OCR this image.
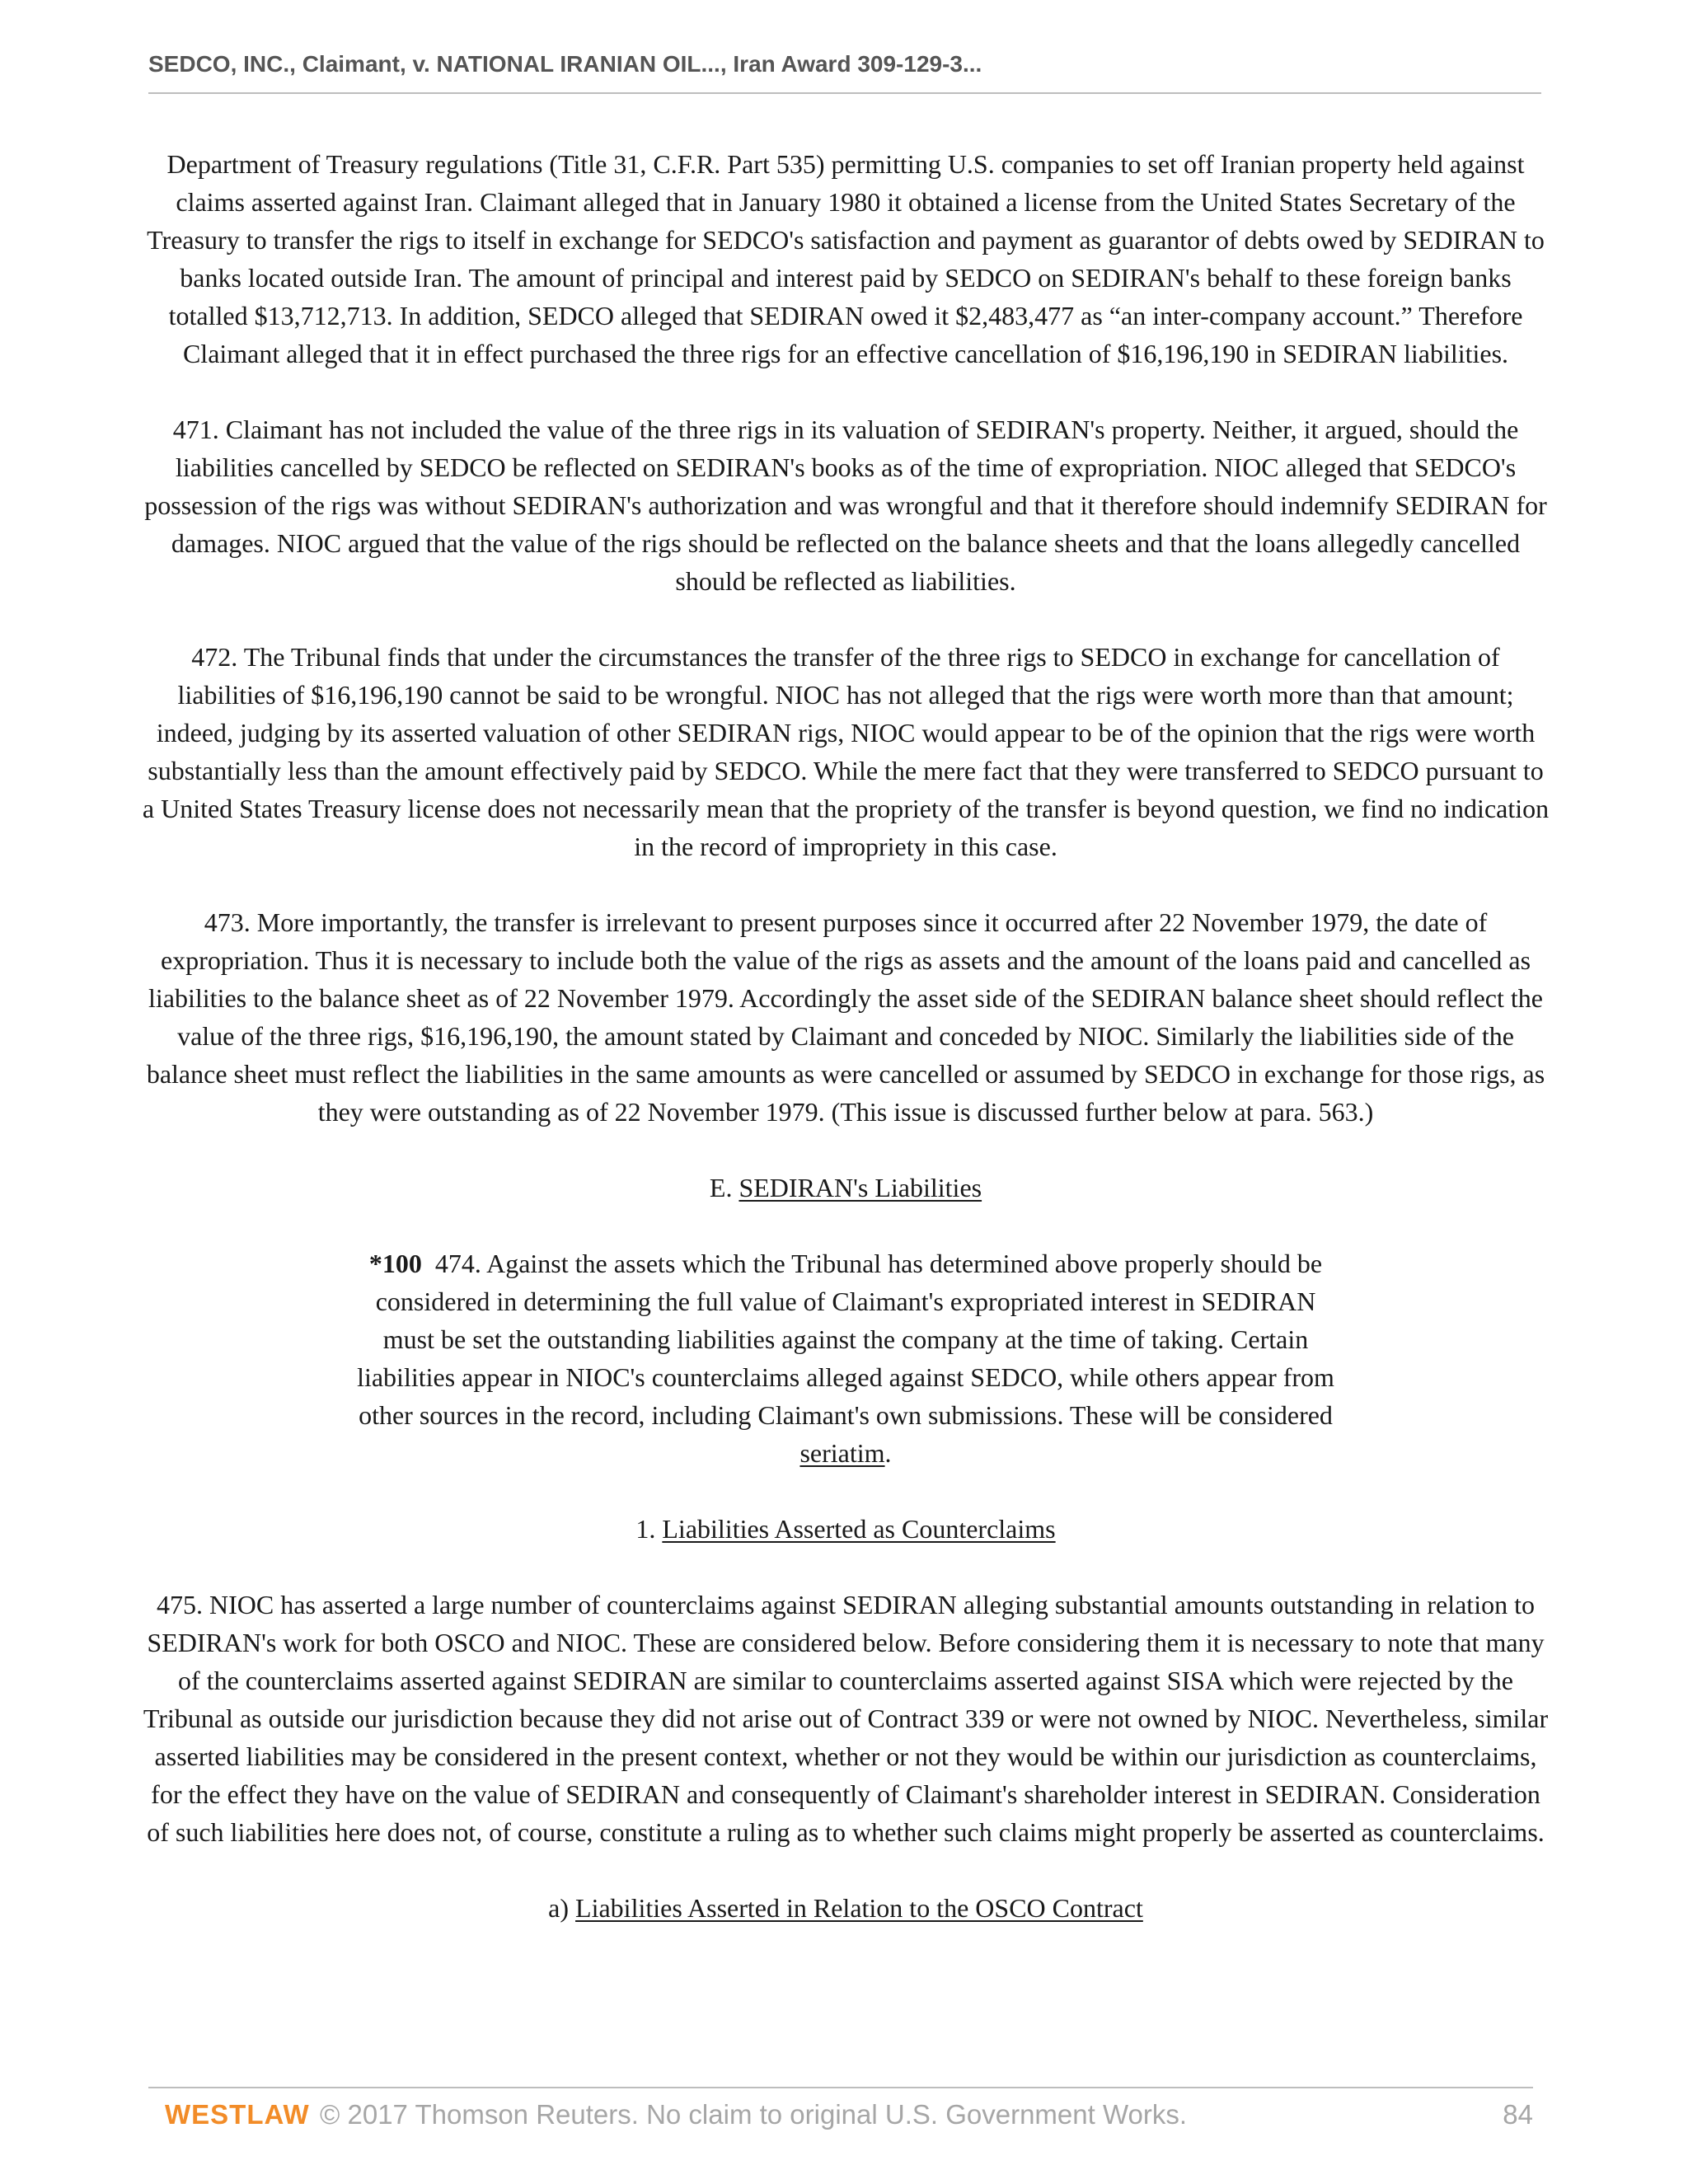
SEDCO, INC., Claimant, v. NATIONAL IRANIAN OIL..., Iran Award 309-129-3...

Department of Treasury regulations (Title 31, C.F.R. Part 535) permitting U.S. companies to set off Iranian property held against claims asserted against Iran. Claimant alleged that in January 1980 it obtained a license from the United States Secretary of the Treasury to transfer the rigs to itself in exchange for SEDCO's satisfaction and payment as guarantor of debts owed by SEDIRAN to banks located outside Iran. The amount of principal and interest paid by SEDCO on SEDIRAN's behalf to these foreign banks totalled $13,712,713. In addition, SEDCO alleged that SEDIRAN owed it $2,483,477 as “an inter-company account.” Therefore Claimant alleged that it in effect purchased the three rigs for an effective cancellation of $16,196,190 in SEDIRAN liabilities.

471. Claimant has not included the value of the three rigs in its valuation of SEDIRAN's property. Neither, it argued, should the liabilities cancelled by SEDCO be reflected on SEDIRAN's books as of the time of expropriation. NIOC alleged that SEDCO's possession of the rigs was without SEDIRAN's authorization and was wrongful and that it therefore should indemnify SEDIRAN for damages. NIOC argued that the value of the rigs should be reflected on the balance sheets and that the loans allegedly cancelled should be reflected as liabilities.

472. The Tribunal finds that under the circumstances the transfer of the three rigs to SEDCO in exchange for cancellation of liabilities of $16,196,190 cannot be said to be wrongful. NIOC has not alleged that the rigs were worth more than that amount; indeed, judging by its asserted valuation of other SEDIRAN rigs, NIOC would appear to be of the opinion that the rigs were worth substantially less than the amount effectively paid by SEDCO. While the mere fact that they were transferred to SEDCO pursuant to a United States Treasury license does not necessarily mean that the propriety of the transfer is beyond question, we find no indication in the record of impropriety in this case.

473. More importantly, the transfer is irrelevant to present purposes since it occurred after 22 November 1979, the date of expropriation. Thus it is necessary to include both the value of the rigs as assets and the amount of the loans paid and cancelled as liabilities to the balance sheet as of 22 November 1979. Accordingly the asset side of the SEDIRAN balance sheet should reflect the value of the three rigs, $16,196,190, the amount stated by Claimant and conceded by NIOC. Similarly the liabilities side of the balance sheet must reflect the liabilities in the same amounts as were cancelled or assumed by SEDCO in exchange for those rigs, as they were outstanding as of 22 November 1979. (This issue is discussed further below at para. 563.)

E. SEDIRAN's Liabilities

*100 474. Against the assets which the Tribunal has determined above properly should be considered in determining the full value of Claimant's expropriated interest in SEDIRAN must be set the outstanding liabilities against the company at the time of taking. Certain liabilities appear in NIOC's counterclaims alleged against SEDCO, while others appear from other sources in the record, including Claimant's own submissions. These will be considered seriatim.

1. Liabilities Asserted as Counterclaims

475. NIOC has asserted a large number of counterclaims against SEDIRAN alleging substantial amounts outstanding in relation to SEDIRAN's work for both OSCO and NIOC. These are considered below. Before considering them it is necessary to note that many of the counterclaims asserted against SEDIRAN are similar to counterclaims asserted against SISA which were rejected by the Tribunal as outside our jurisdiction because they did not arise out of Contract 339 or were not owned by NIOC. Nevertheless, similar asserted liabilities may be considered in the present context, whether or not they would be within our jurisdiction as counterclaims, for the effect they have on the value of SEDIRAN and consequently of Claimant's shareholder interest in SEDIRAN. Consideration of such liabilities here does not, of course, constitute a ruling as to whether such claims might properly be asserted as counterclaims.

a) Liabilities Asserted in Relation to the OSCO Contract

WESTLAW © 2017 Thomson Reuters. No claim to original U.S. Government Works.	84
